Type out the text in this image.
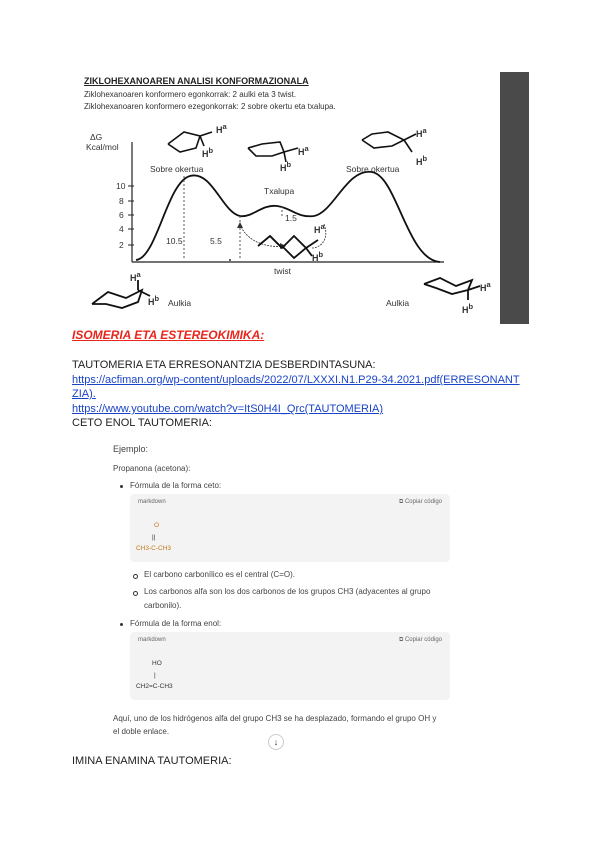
ZIKLOHEXANOAREN ANALISI KONFORMAZIONALA
Ziklohexanoaren konformero egonkorrak: 2 aulki eta 3 twist.
Ziklohexanoaren konformero ezegonkorrak: 2 sobre okertu eta txalupa.
ΔG
Kcal/mol
10
8
6
4
2
Sobre okertua	Sobre okertua
Txalupa
1.5
10.5	5.5
twist
Aulkia	Aulkia
$H^a$
$H^b$	$H^a$
$H^b$
$H^a$
$H^b$
$H^a$
$H^b$
$H^a$
$H^b$
$H^a$
$H^b$
ISOMERIA ETA ESTEREOKIMIKA:
TAUTOMERIA ETA ERRESONANTZIA DESBERDINTASUNA:
https://acfiman.org/wp-content/uploads/2022/07/LXXXI.N1.P29-34.2021.pdf(ERRESONANT
ZIA).
https://www.youtube.com/watch?v=ItS0H4I_Qrc(TAUTOMERIA)
CETO ENOL TAUTOMERIA:
Ejemplo:
Propanona (acetona):
Fórmula de la forma ceto:
markdown	⧉ Copiar código
O
||
CH3-C-CH3
El carbono carbonílico es el central (C=O).
Los carbonos alfa son los dos carbonos de los grupos CH3 (adyacentes al grupo
carbonilo).
Fórmula de la forma enol:
markdown	⧉ Copiar código
HO
|
CH2=C-CH3
Aquí, uno de los hidrógenos alfa del grupo CH3 se ha desplazado, formando el grupo OH y
el doble enlace.
↓
IMINA ENAMINA TAUTOMERIA:
